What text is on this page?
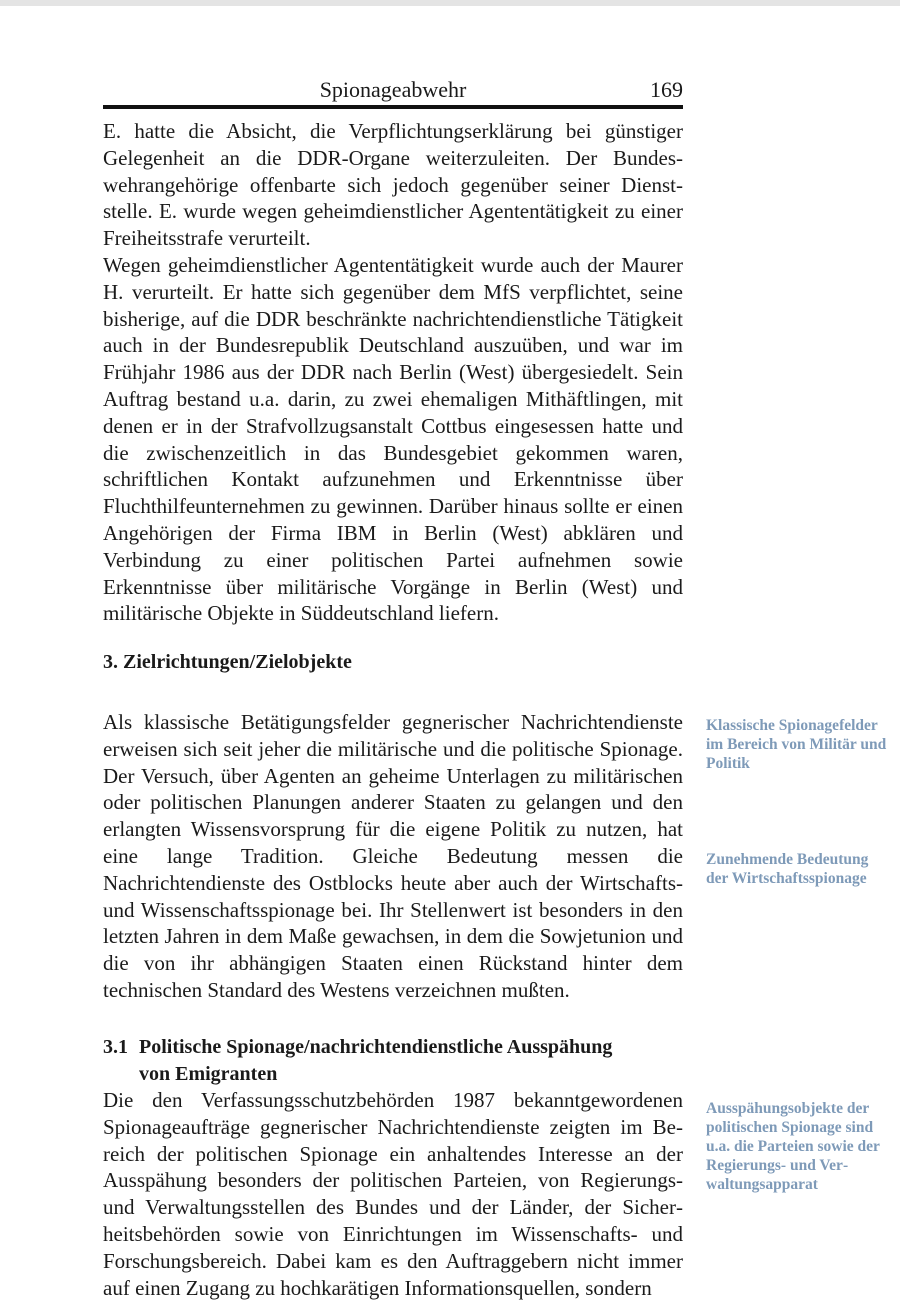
Spionageabwehr	169

E. hatte die Absicht, die Verpflichtungserklärung bei günstiger Gelegenheit an die DDR-Organe weiterzuleiten. Der Bundeswehrangehörige offenbarte sich jedoch gegenüber seiner Dienststelle. E. wurde wegen geheimdienstlicher Agententätigkeit zu einer Freiheitsstrafe verurteilt.

Wegen geheimdienstlicher Agententätigkeit wurde auch der Maurer H. verurteilt. Er hatte sich gegenüber dem MfS verpflichtet, seine bisherige, auf die DDR beschränkte nachrichtendienstliche Tätigkeit auch in der Bundesrepublik Deutschland auszuüben, und war im Frühjahr 1986 aus der DDR nach Berlin (West) übergesiedelt. Sein Auftrag bestand u.a. darin, zu zwei ehemaligen Mithäftlingen, mit denen er in der Strafvollzugsanstalt Cottbus eingesessen hatte und die zwischenzeitlich in das Bundesgebiet gekommen waren, schriftlichen Kontakt aufzunehmen und Erkenntnisse über Fluchthilfeunternehmen zu gewinnen. Darüber hinaus sollte er einen Angehörigen der Firma IBM in Berlin (West) abklären und Verbindung zu einer politischen Partei aufnehmen sowie Erkenntnisse über militärische Vorgänge in Berlin (West) und militärische Objekte in Süddeutschland liefern.

3. Zielrichtungen/Zielobjekte

Als klassische Betätigungsfelder gegnerischer Nachrichtendienste erweisen sich seit jeher die militärische und die politische Spionage. Der Versuch, über Agenten an geheime Unterlagen zu militärischen oder politischen Planungen anderer Staaten zu gelangen und den erlangten Wissensvorsprung für die eigene Politik zu nutzen, hat eine lange Tradition. Gleiche Bedeutung messen die Nachrichtendienste des Ostblocks heute aber auch der Wirtschafts- und Wissenschaftsspionage bei. Ihr Stellenwert ist besonders in den letzten Jahren in dem Maße gewachsen, in dem die Sowjetunion und die von ihr abhängigen Staaten einen Rückstand hinter dem technischen Standard des Westens verzeichnen mußten.

3.1 Politische Spionage/nachrichtendienstliche Ausspähung
von Emigranten

Die den Verfassungsschutzbehörden 1987 bekanntgewordenen Spionageaufträge gegnerischer Nachrichtendienste zeigten im Bereich der politischen Spionage ein anhaltendes Interesse an der Ausspähung besonders der politischen Parteien, von Regierungs- und Verwaltungsstellen des Bundes und der Länder, der Sicherheitsbehörden sowie von Einrichtungen im Wissenschafts- und Forschungsbereich. Dabei kam es den Auftraggebern nicht immer auf einen Zugang zu hochkarätigen Informationsquellen, sondern

Klassische Spionagefelder im Bereich von Militär und Politik
Zunehmende Bedeutung der Wirtschaftsspionage
Ausspähungsobjekte der politischen Spionage sind u.a. die Parteien sowie der Regierungs- und Verwaltungsapparat
